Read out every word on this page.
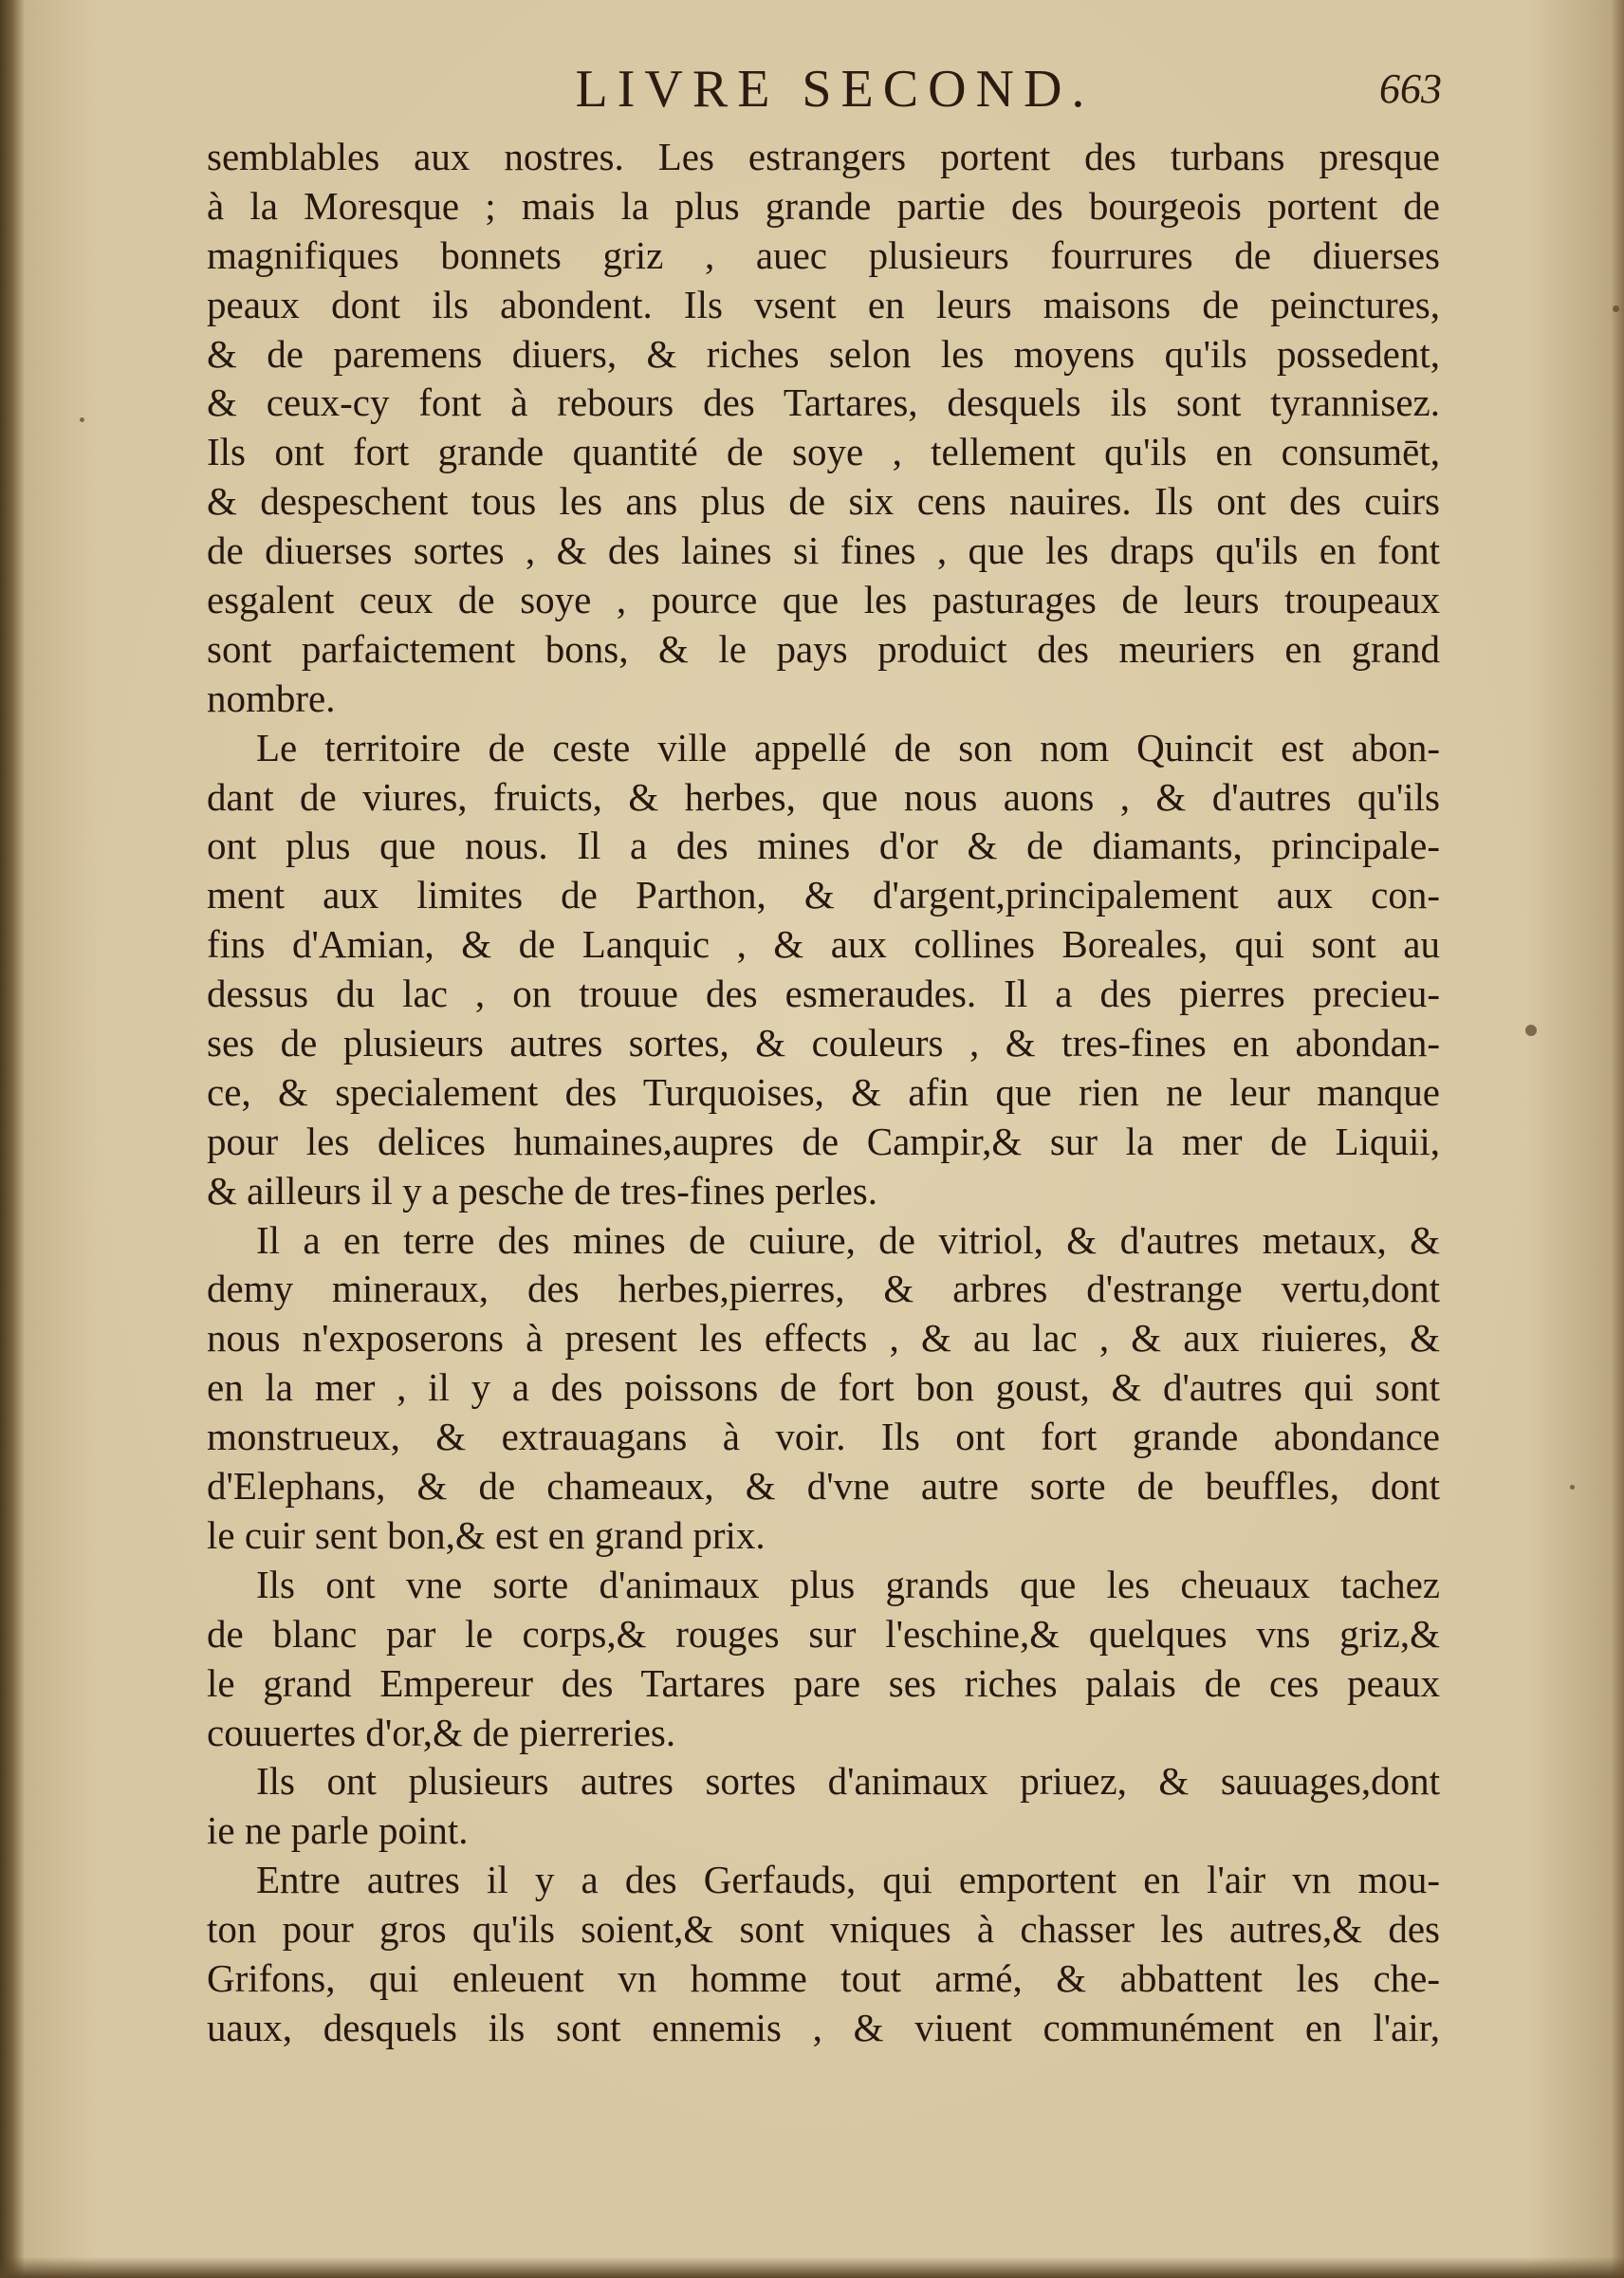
LIVRE SECOND.	663
semblables aux nostres. Les estrangers portent des turbans presque
à la Moresque ; mais la plus grande partie des bourgeois portent de
magnifiques bonnets griz , auec plusieurs fourrures de diuerses
peaux dont ils abondent. Ils vsent en leurs maisons de peinctures,
& de paremens diuers, & riches selon les moyens qu'ils possedent,
& ceux-cy font à rebours des Tartares, desquels ils sont tyrannisez.
Ils ont fort grande quantité de soye , tellement qu'ils en consumēt,
& despeschent tous les ans plus de six cens nauires. Ils ont des cuirs
de diuerses sortes , & des laines si fines , que les draps qu'ils en font
esgalent ceux de soye , pource que les pasturages de leurs troupeaux
sont parfaictement bons, & le pays produict des meuriers en grand
nombre.
Le territoire de ceste ville appellé de son nom Quincit est abon-
dant de viures, fruicts, & herbes, que nous auons , & d'autres qu'ils
ont plus que nous. Il a des mines d'or & de diamants, principale-
ment aux limites de Parthon, & d'argent,principalement aux con-
fins d'Amian, & de Lanquic , & aux collines Boreales, qui sont au
dessus du lac , on trouue des esmeraudes. Il a des pierres precieu-
ses de plusieurs autres sortes, & couleurs , & tres-fines en abondan-
ce, & specialement des Turquoises, & afin que rien ne leur manque
pour les delices humaines,aupres de Campir,& sur la mer de Liquii,
& ailleurs il y a pesche de tres-fines perles.
Il a en terre des mines de cuiure, de vitriol, & d'autres metaux, &
demy mineraux, des herbes,pierres, & arbres d'estrange vertu,dont
nous n'exposerons à present les effects , & au lac , & aux riuieres, &
en la mer , il y a des poissons de fort bon goust, & d'autres qui sont
monstrueux, & extrauagans à voir. Ils ont fort grande abondance
d'Elephans, & de chameaux, & d'vne autre sorte de beuffles, dont
le cuir sent bon,& est en grand prix.
Ils ont vne sorte d'animaux plus grands que les cheuaux tachez
de blanc par le corps,& rouges sur l'eschine,& quelques vns griz,&
le grand Empereur des Tartares pare ses riches palais de ces peaux
couuertes d'or,& de pierreries.
Ils ont plusieurs autres sortes d'animaux priuez, & sauuages,dont
ie ne parle point.
Entre autres il y a des Gerfauds, qui emportent en l'air vn mou-
ton pour gros qu'ils soient,& sont vniques à chasser les autres,& des
Grifons, qui enleuent vn homme tout armé, & abbattent les che-
uaux, desquels ils sont ennemis , & viuent communément en l'air,
